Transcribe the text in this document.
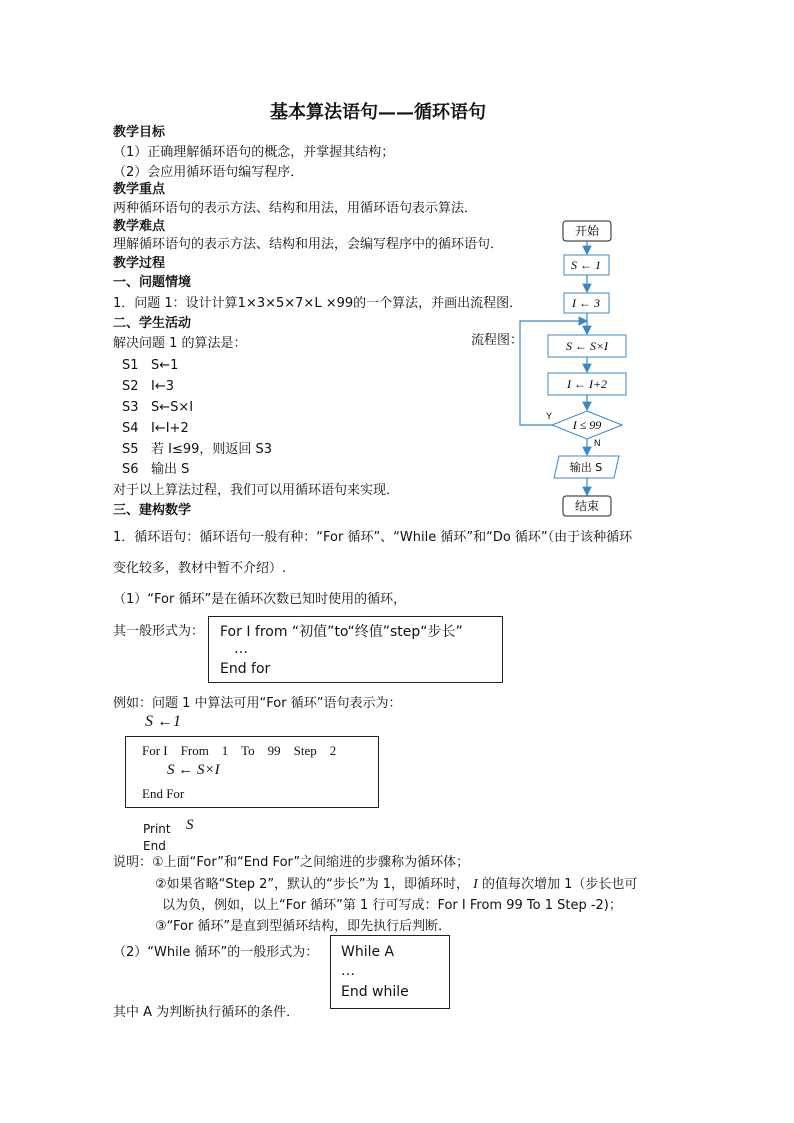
基本算法语句——循环语句
教学目标
（1）正确理解循环语句的概念，并掌握其结构；
（2）会应用循环语句编写程序．
教学重点
两种循环语句的表示方法、结构和用法，用循环语句表示算法．
教学难点
理解循环语句的表示方法、结构和用法，会编写程序中的循环语句．
教学过程
一、问题情境
1．问题 1：设计计算1×3×5×7×L ×99的一个算法，并画出流程图．
二、学生活动
解决问题 1 的算法是：
S1 S←1
S2 I←3
S3 S←S×I
S4 I←I+2
S5 若 I≤99，则返回 S3
S6 输出 S
对于以上算法过程，我们可以用循环语句来实现．
流程图：
开始
S ← 1
I ← 3
S ← S×I
I ← I+2
I ≤ 99
Y
N
输出 S
结束
三、建构数学
1．循环语句：循环语句一般有种：“For 循环”、“While 循环”和“Do 循环”（由于该种循环
变化较多，教材中暂不介绍）.
（1）“For 循环”是在循环次数已知时使用的循环，
其一般形式为： For I from “初值”to“终值”step“步长”
…
End for
例如：问题 1 中算法可用“For 循环”语句表示为：
S ←1
For I    From    1    To    99    Step    2
S ← S×I
End For
Print S
End
说明：①上面“For”和“End For”之间缩进的步骤称为循环体；
②如果省略“Step 2”，默认的“步长”为 1，即循环时， I 的值每次增加 1（步长也可
以为负，例如，以上“For 循环”第 1 行可写成：For I From 99 To 1 Step -2)；
③“For 循环”是直到型循环结构，即先执行后判断．
（2）“While 循环”的一般形式为： While A
…
End while
其中 A 为判断执行循环的条件．
